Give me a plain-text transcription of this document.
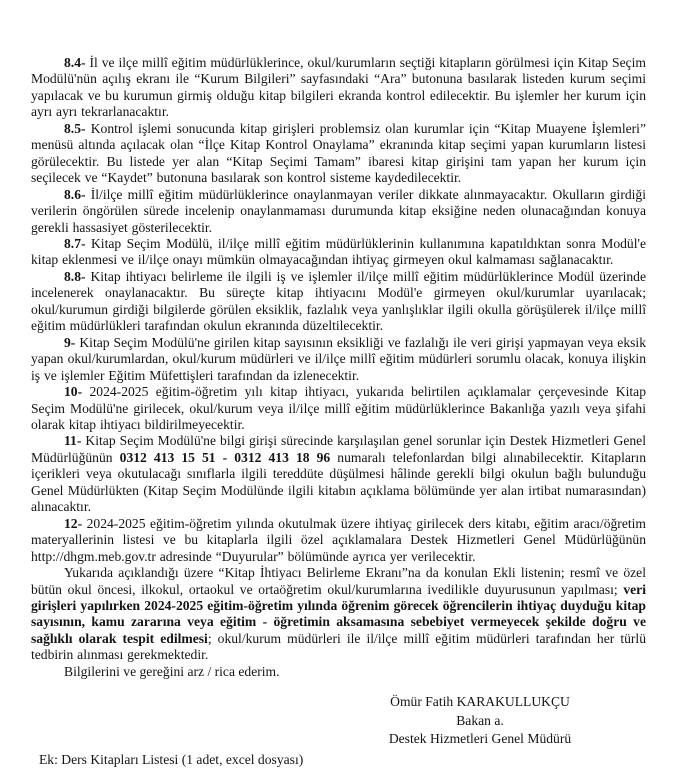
8.4- İl ve ilçe millî eğitim müdürlüklerince, okul/kurumların seçtiği kitapların görülmesi için Kitap Seçim Modülü'nün açılış ekranı ile “Kurum Bilgileri” sayfasındaki “Ara” butonuna basılarak listeden kurum seçimi yapılacak ve bu kurumun girmiş olduğu kitap bilgileri ekranda kontrol edilecektir. Bu işlemler her kurum için ayrı ayrı tekrarlanacaktır.

8.5- Kontrol işlemi sonucunda kitap girişleri problemsiz olan kurumlar için “Kitap Muayene İşlemleri” menüsü altında açılacak olan “İlçe Kitap Kontrol Onaylama” ekranında kitap seçimi yapan kurumların listesi görülecektir. Bu listede yer alan “Kitap Seçimi Tamam” ibaresi kitap girişini tam yapan her kurum için seçilecek ve “Kaydet” butonuna basılarak son kontrol sisteme kaydedilecektir.

8.6- İl/ilçe millî eğitim müdürlüklerince onaylanmayan veriler dikkate alınmayacaktır. Okulların girdiği verilerin öngörülen sürede incelenip onaylanmaması durumunda kitap eksiğine neden olunacağından konuya gerekli hassasiyet gösterilecektir.

8.7- Kitap Seçim Modülü, il/ilçe millî eğitim müdürlüklerinin kullanımına kapatıldıktan sonra Modül'e kitap eklenmesi ve il/ilçe onayı mümkün olmayacağından ihtiyaç girmeyen okul kalmaması sağlanacaktır.

8.8- Kitap ihtiyacı belirleme ile ilgili iş ve işlemler il/ilçe millî eğitim müdürlüklerince Modül üzerinde incelenerek onaylanacaktır. Bu süreçte kitap ihtiyacını Modül'e girmeyen okul/kurumlar uyarılacak; okul/kurumun girdiği bilgilerde görülen eksiklik, fazlalık veya yanlışlıklar ilgili okulla görüşülerek il/ilçe millî eğitim müdürlükleri tarafından okulun ekranında düzeltilecektir.

9- Kitap Seçim Modülü'ne girilen kitap sayısının eksikliği ve fazlalığı ile veri girişi yapmayan veya eksik yapan okul/kurumlardan, okul/kurum müdürleri ve il/ilçe millî eğitim müdürleri sorumlu olacak, konuya ilişkin iş ve işlemler Eğitim Müfettişleri tarafından da izlenecektir.

10- 2024-2025 eğitim-öğretim yılı kitap ihtiyacı, yukarıda belirtilen açıklamalar çerçevesinde Kitap Seçim Modülü'ne girilecek, okul/kurum veya il/ilçe millî eğitim müdürlüklerince Bakanlığa yazılı veya şifahi olarak kitap ihtiyacı bildirilmeyecektir.

11- Kitap Seçim Modülü'ne bilgi girişi sürecinde karşılaşılan genel sorunlar için Destek Hizmetleri Genel Müdürlüğünün 0312 413 15 51 - 0312 413 18 96 numaralı telefonlardan bilgi alınabilecektir. Kitapların içerikleri veya okutulacağı sınıflarla ilgili tereddüte düşülmesi hâlinde gerekli bilgi okulun bağlı bulunduğu Genel Müdürlükten (Kitap Seçim Modülünde ilgili kitabın açıklama bölümünde yer alan irtibat numarasından) alınacaktır.

12- 2024-2025 eğitim-öğretim yılında okutulmak üzere ihtiyaç girilecek ders kitabı, eğitim aracı/öğretim materyallerinin listesi ve bu kitaplarla ilgili özel açıklamalara Destek Hizmetleri Genel Müdürlüğünün http://dhgm.meb.gov.tr adresinde “Duyurular” bölümünde ayrıca yer verilecektir.

Yukarıda açıklandığı üzere “Kitap İhtiyacı Belirleme Ekranı”na da konulan Ekli listenin; resmî ve özel bütün okul öncesi, ilkokul, ortaokul ve ortaöğretim okul/kurumlarına ivedilikle duyurusunun yapılması; veri girişleri yapılırken 2024-2025 eğitim-öğretim yılında öğrenim görecek öğrencilerin ihtiyaç duyduğu kitap sayısının, kamu zararına veya eğitim - öğretimin aksamasına sebebiyet vermeyecek şekilde doğru ve sağlıklı olarak tespit edilmesi; okul/kurum müdürleri ile il/ilçe millî eğitim müdürleri tarafından her türlü tedbirin alınması gerekmektedir.

Bilgilerini ve gereğini arz / rica ederim.

Ömür Fatih KARAKULLUKÇU
Bakan a.
Destek Hizmetleri Genel Müdürü
Ek: Ders Kitapları Listesi (1 adet, excel dosyası)
